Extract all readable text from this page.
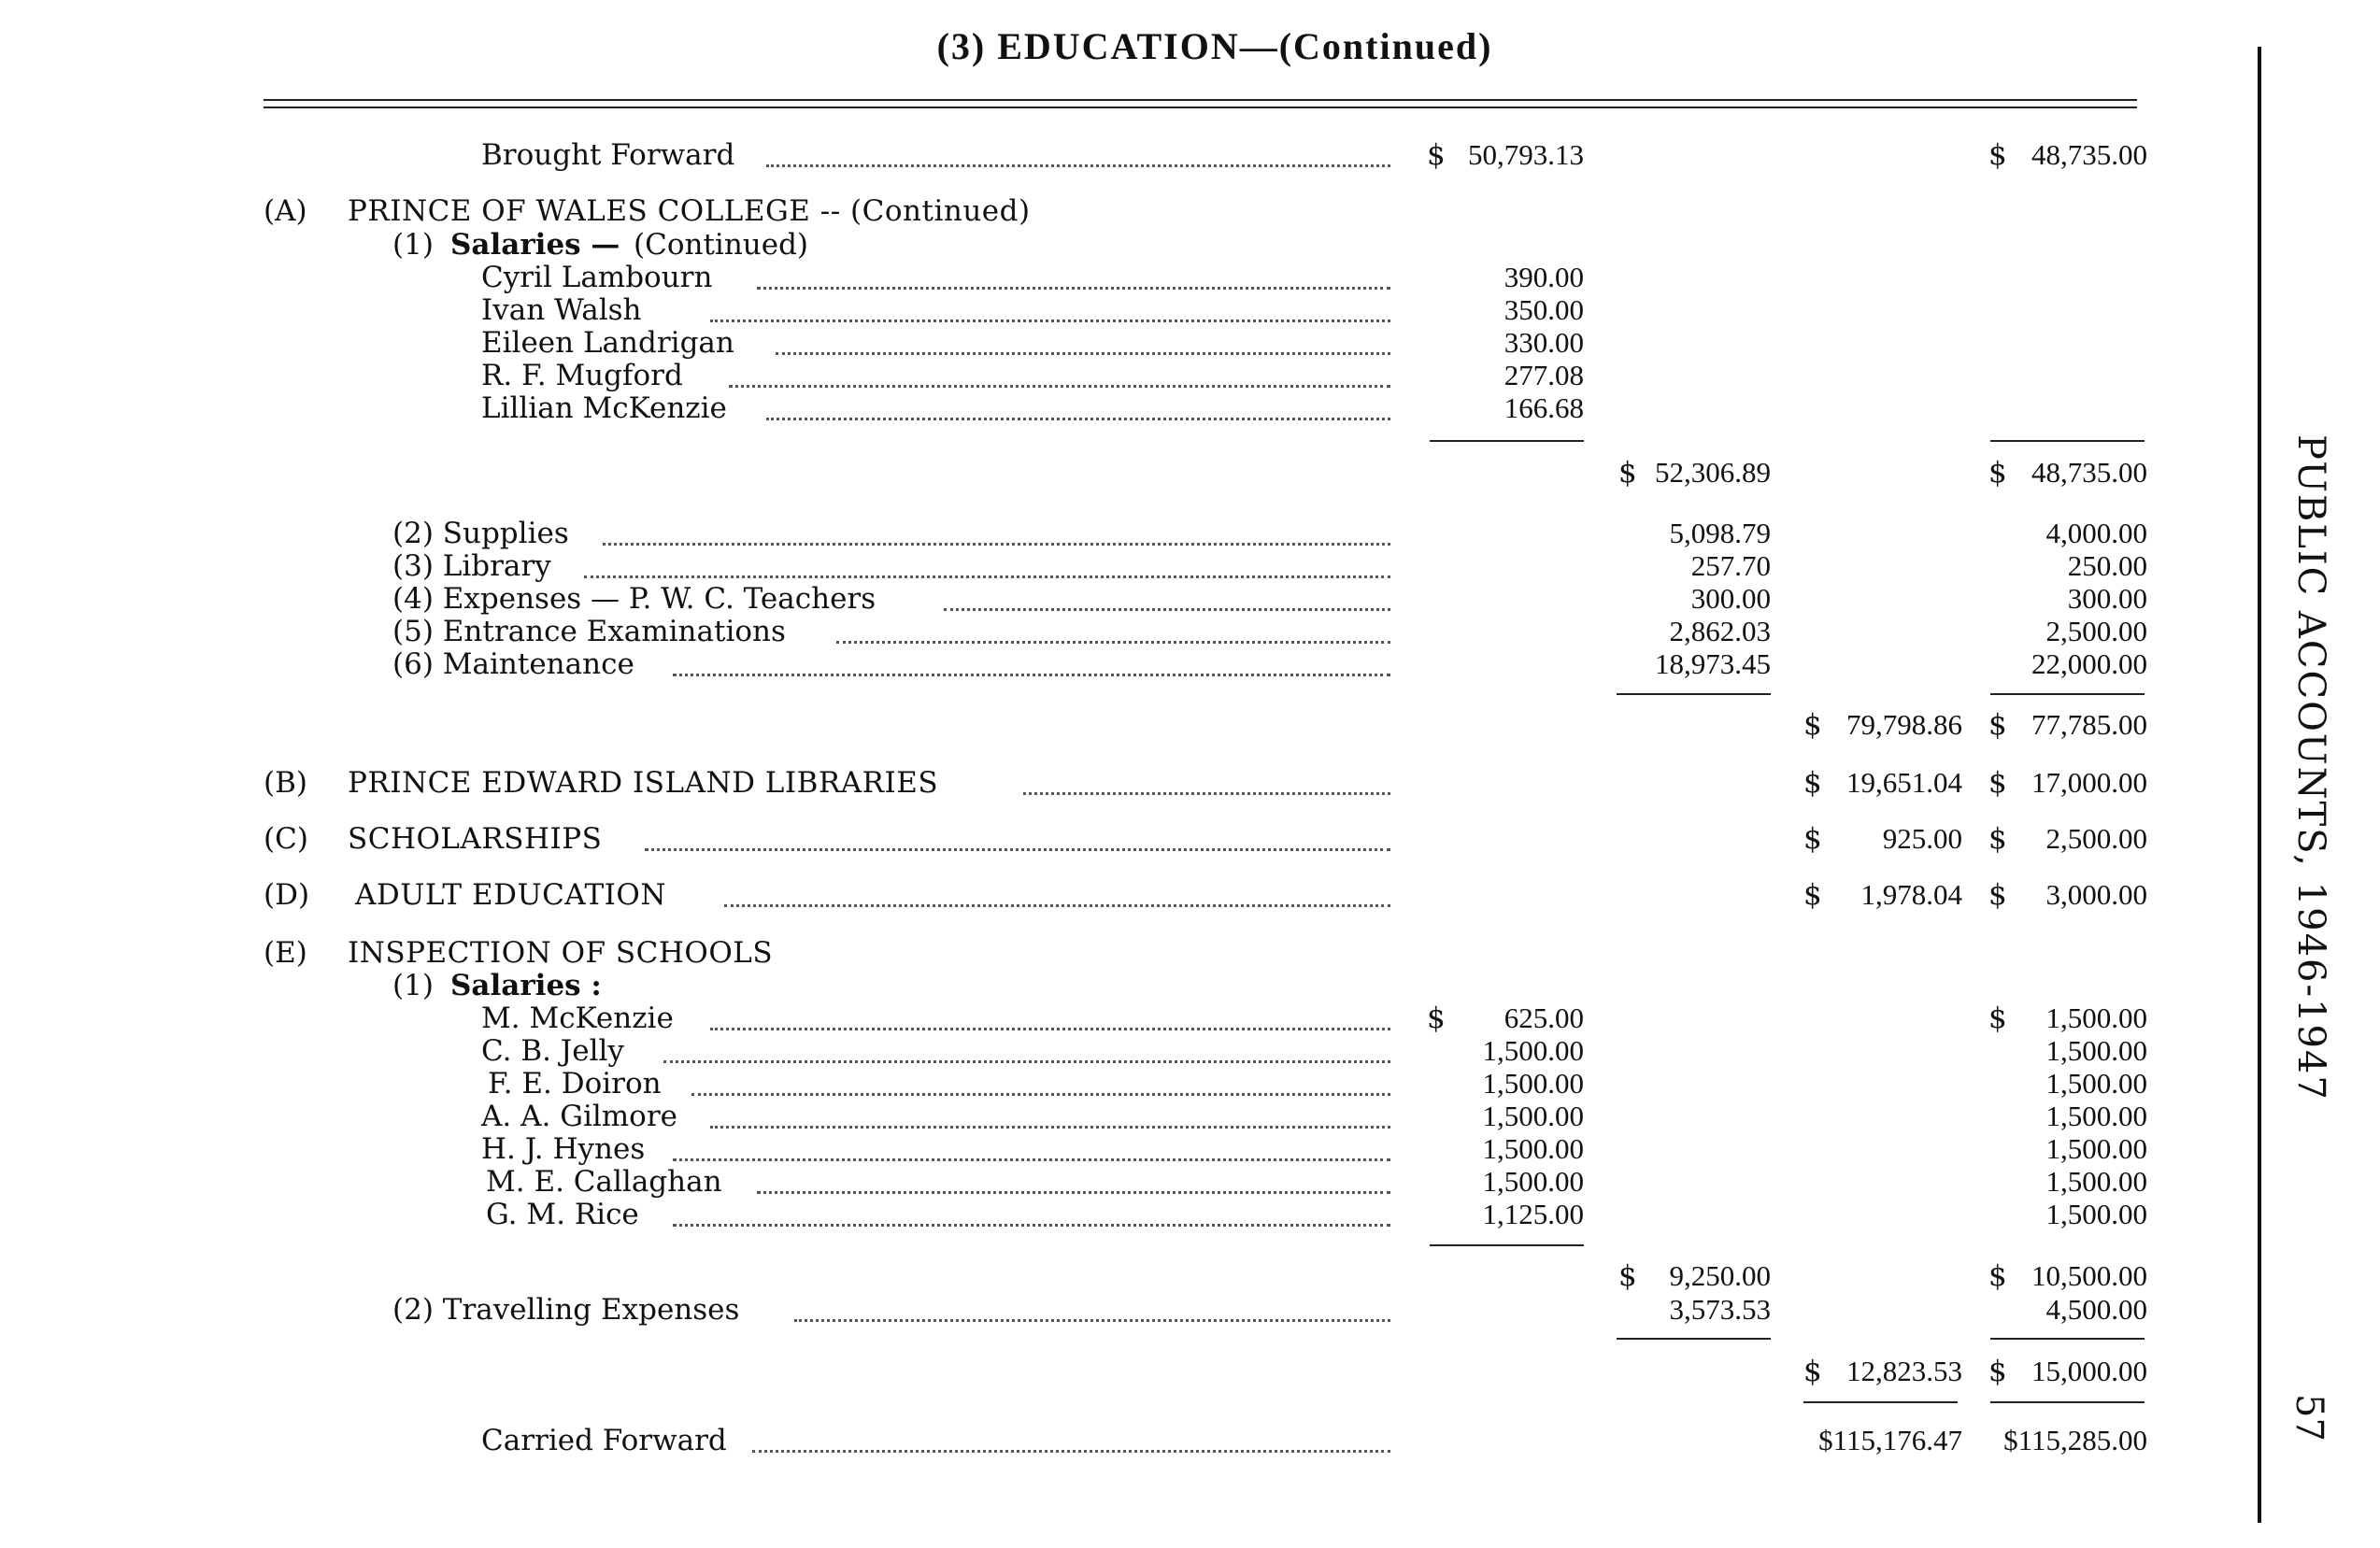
(3) EDUCATION—(Continued)
Brought Forward	$ 50,793.13	$ 48,735.00
(A) PRINCE OF WALES COLLEGE -- (Continued)
(1) Salaries — (Continued)
Cyril Lambourn	390.00
Ivan Walsh	350.00
Eileen Landrigan	330.00
R. F. Mugford	277.08
Lillian McKenzie	166.68
$ 52,306.89	$ 48,735.00
(2) Supplies	5,098.79	4,000.00
(3) Library	257.70	250.00
(4) Expenses — P. W. C. Teachers	300.00	300.00
(5) Entrance Examinations	2,862.03	2,500.00
(6) Maintenance	18,973.45	22,000.00
$ 79,798.86 $ 77,785.00
(B) PRINCE EDWARD ISLAND LIBRARIES	$ 19,651.04 $ 17,000.00
(C) SCHOLARSHIPS	$	925.00 $	2,500.00
(D) ADULT EDUCATION	$	1,978.04 $	3,000.00
(E) INSPECTION OF SCHOOLS
(1) Salaries :
M. McKenzie	$	625.00	$	1,500.00
C. B. Jelly	1,500.00	1,500.00
F. E. Doiron	1,500.00	1,500.00
A. A. Gilmore	1,500.00	1,500.00
H. J. Hynes	1,500.00	1,500.00
M. E. Callaghan	1,500.00	1,500.00
G. M. Rice	1,125.00	1,500.00
$	9,250.00	$ 10,500.00
(2) Travelling Expenses	3,573.53	4,500.00
$ 12,823.53 $ 15,000.00
Carried Forward	$115,176.47	$115,285.00
PUBLIC ACCOUNTS, 1946-1947
57
